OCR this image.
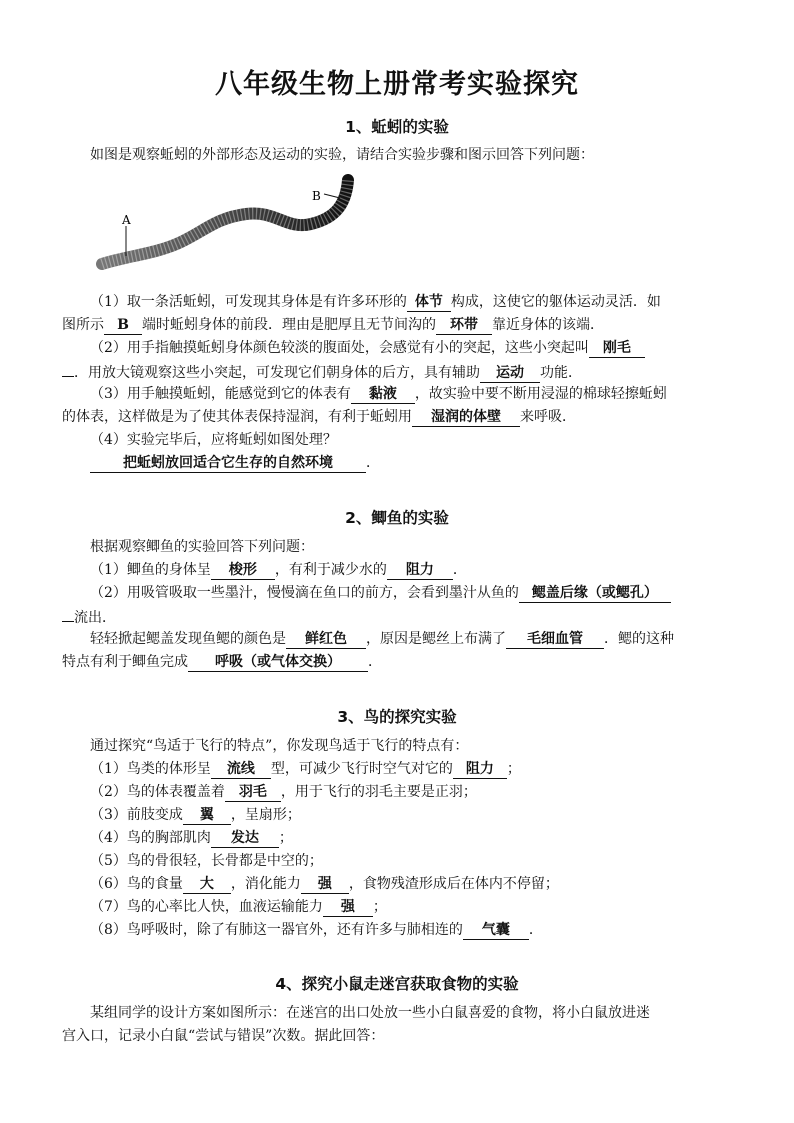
八年级生物上册常考实验探究
1、蚯蚓的实验
如图是观察蚯蚓的外部形态及运动的实验，请结合实验步骤和图示回答下列问题：
A
B
（1）取一条活蚯蚓，可发现其身体是有许多环形的 体节 构成，这使它的躯体运动灵活．如
图所示 B 端时蚯蚓身体的前段．理由是肥厚且无节间沟的 环带 靠近身体的该端．
（2）用手指触摸蚯蚓身体颜色较淡的腹面处，会感觉有小的突起，这些小突起叫 刚毛
．用放大镜观察这些小突起，可发现它们朝身体的后方，具有辅助 运动 功能．
（3）用手触摸蚯蚓，能感觉到它的体表有 黏液 ，故实验中要不断用浸湿的棉球轻擦蚯蚓
的体表，这样做是为了使其体表保持湿润，有利于蚯蚓用 湿润的体壁 来呼吸．
（4）实验完毕后，应将蚯蚓如图处理？
把蚯蚓放回适合它生存的自然环境 ．
2、鲫鱼的实验
根据观察鲫鱼的实验回答下列问题：
（1）鲫鱼的身体呈 梭形 ，有利于减少水的 阻力 ．
（2）用吸管吸取一些墨汁，慢慢滴在鱼口的前方，会看到墨汁从鱼的 鳃盖后缘（或鳃孔）
流出．
轻轻掀起鳃盖发现鱼鳃的颜色是 鲜红色 ，原因是鳃丝上布满了 毛细血管 ．鳃的这种
特点有利于鲫鱼完成 呼吸（或气体交换） ．
3、鸟的探究实验
通过探究“鸟适于飞行的特点”，你发现鸟适于飞行的特点有：
（1）鸟类的体形呈 流线 型，可减少飞行时空气对它的 阻力 ；
（2）鸟的体表覆盖着 羽毛 ，用于飞行的羽毛主要是正羽；
（3）前肢变成 翼 ，呈扇形；
（4）鸟的胸部肌肉 发达 ；
（5）鸟的骨很轻，长骨都是中空的；
（6）鸟的食量 大 ，消化能力 强 ，食物残渣形成后在体内不停留；
（7）鸟的心率比人快，血液运输能力 强 ；
（8）鸟呼吸时，除了有肺这一器官外，还有许多与肺相连的 气囊 ．
4、探究小鼠走迷宫获取食物的实验
某组同学的设计方案如图所示：在迷宫的出口处放一些小白鼠喜爱的食物，将小白鼠放进迷
宫入口，记录小白鼠“尝试与错误”次数。据此回答：
